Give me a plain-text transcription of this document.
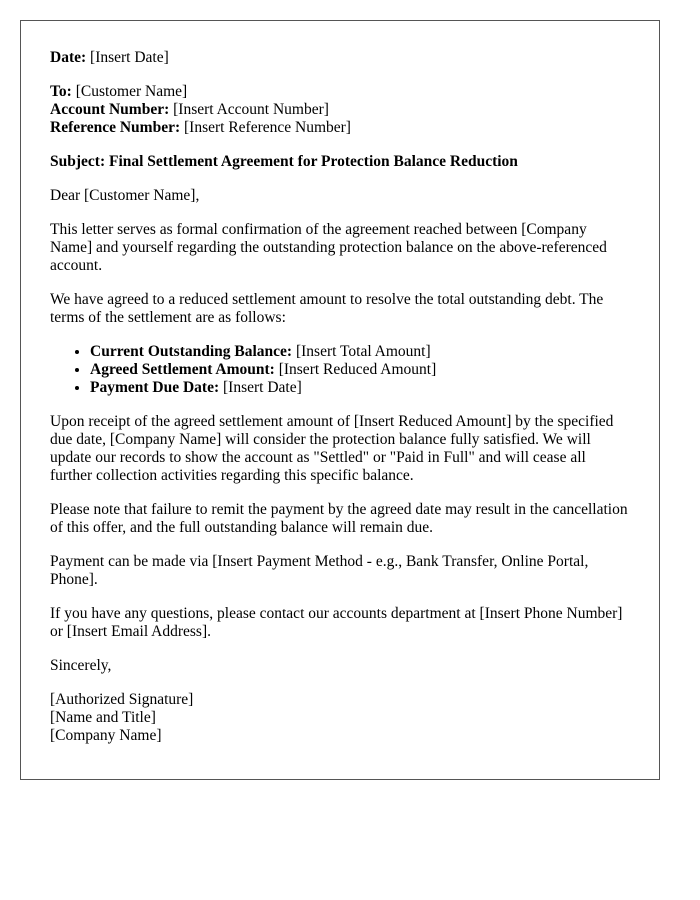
Date: [Insert Date]
To: [Customer Name]
Account Number: [Insert Account Number]
Reference Number: [Insert Reference Number]

Subject: Final Settlement Agreement for Protection Balance Reduction

Dear [Customer Name],

This letter serves as formal confirmation of the agreement reached between [Company Name] and yourself regarding the outstanding protection balance on the above-referenced account.

We have agreed to a reduced settlement amount to resolve the total outstanding debt. The terms of the settlement are as follows:

• Current Outstanding Balance: [Insert Total Amount]
• Agreed Settlement Amount: [Insert Reduced Amount]
• Payment Due Date: [Insert Date]

Upon receipt of the agreed settlement amount of [Insert Reduced Amount] by the specified due date, [Company Name] will consider the protection balance fully satisfied. We will update our records to show the account as "Settled" or "Paid in Full" and will cease all further collection activities regarding this specific balance.

Please note that failure to remit the payment by the agreed date may result in the cancellation of this offer, and the full outstanding balance will remain due.

Payment can be made via [Insert Payment Method - e.g., Bank Transfer, Online Portal, Phone].

If you have any questions, please contact our accounts department at [Insert Phone Number] or [Insert Email Address].

Sincerely,

[Authorized Signature]
[Name and Title]
[Company Name]
